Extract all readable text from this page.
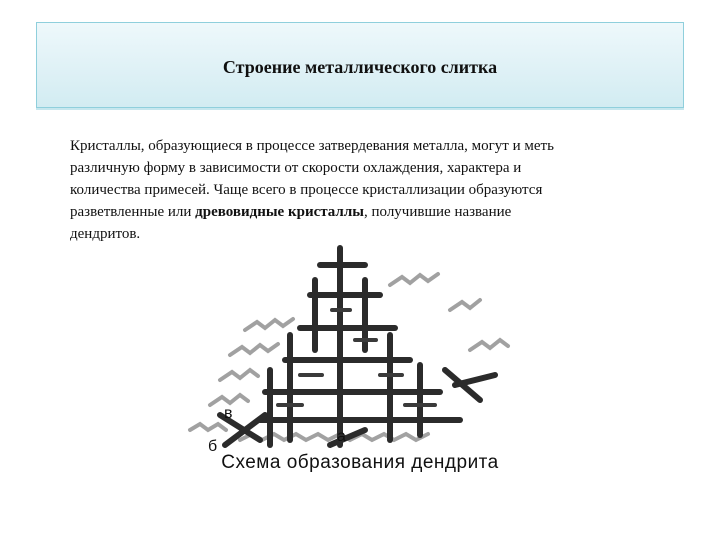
Строение металлического слитка

Кристаллы, образующиеся в процессе затвердевания металла, могут и меть

различную форму в зависимости от скорости охлаждения, характера и

количества примесей. Чаще всего в процессе кристаллизации образуются

разветвленные или древовидные кристаллы, получившие название

дендритов.

в
а
б
Схема образования дендрита
